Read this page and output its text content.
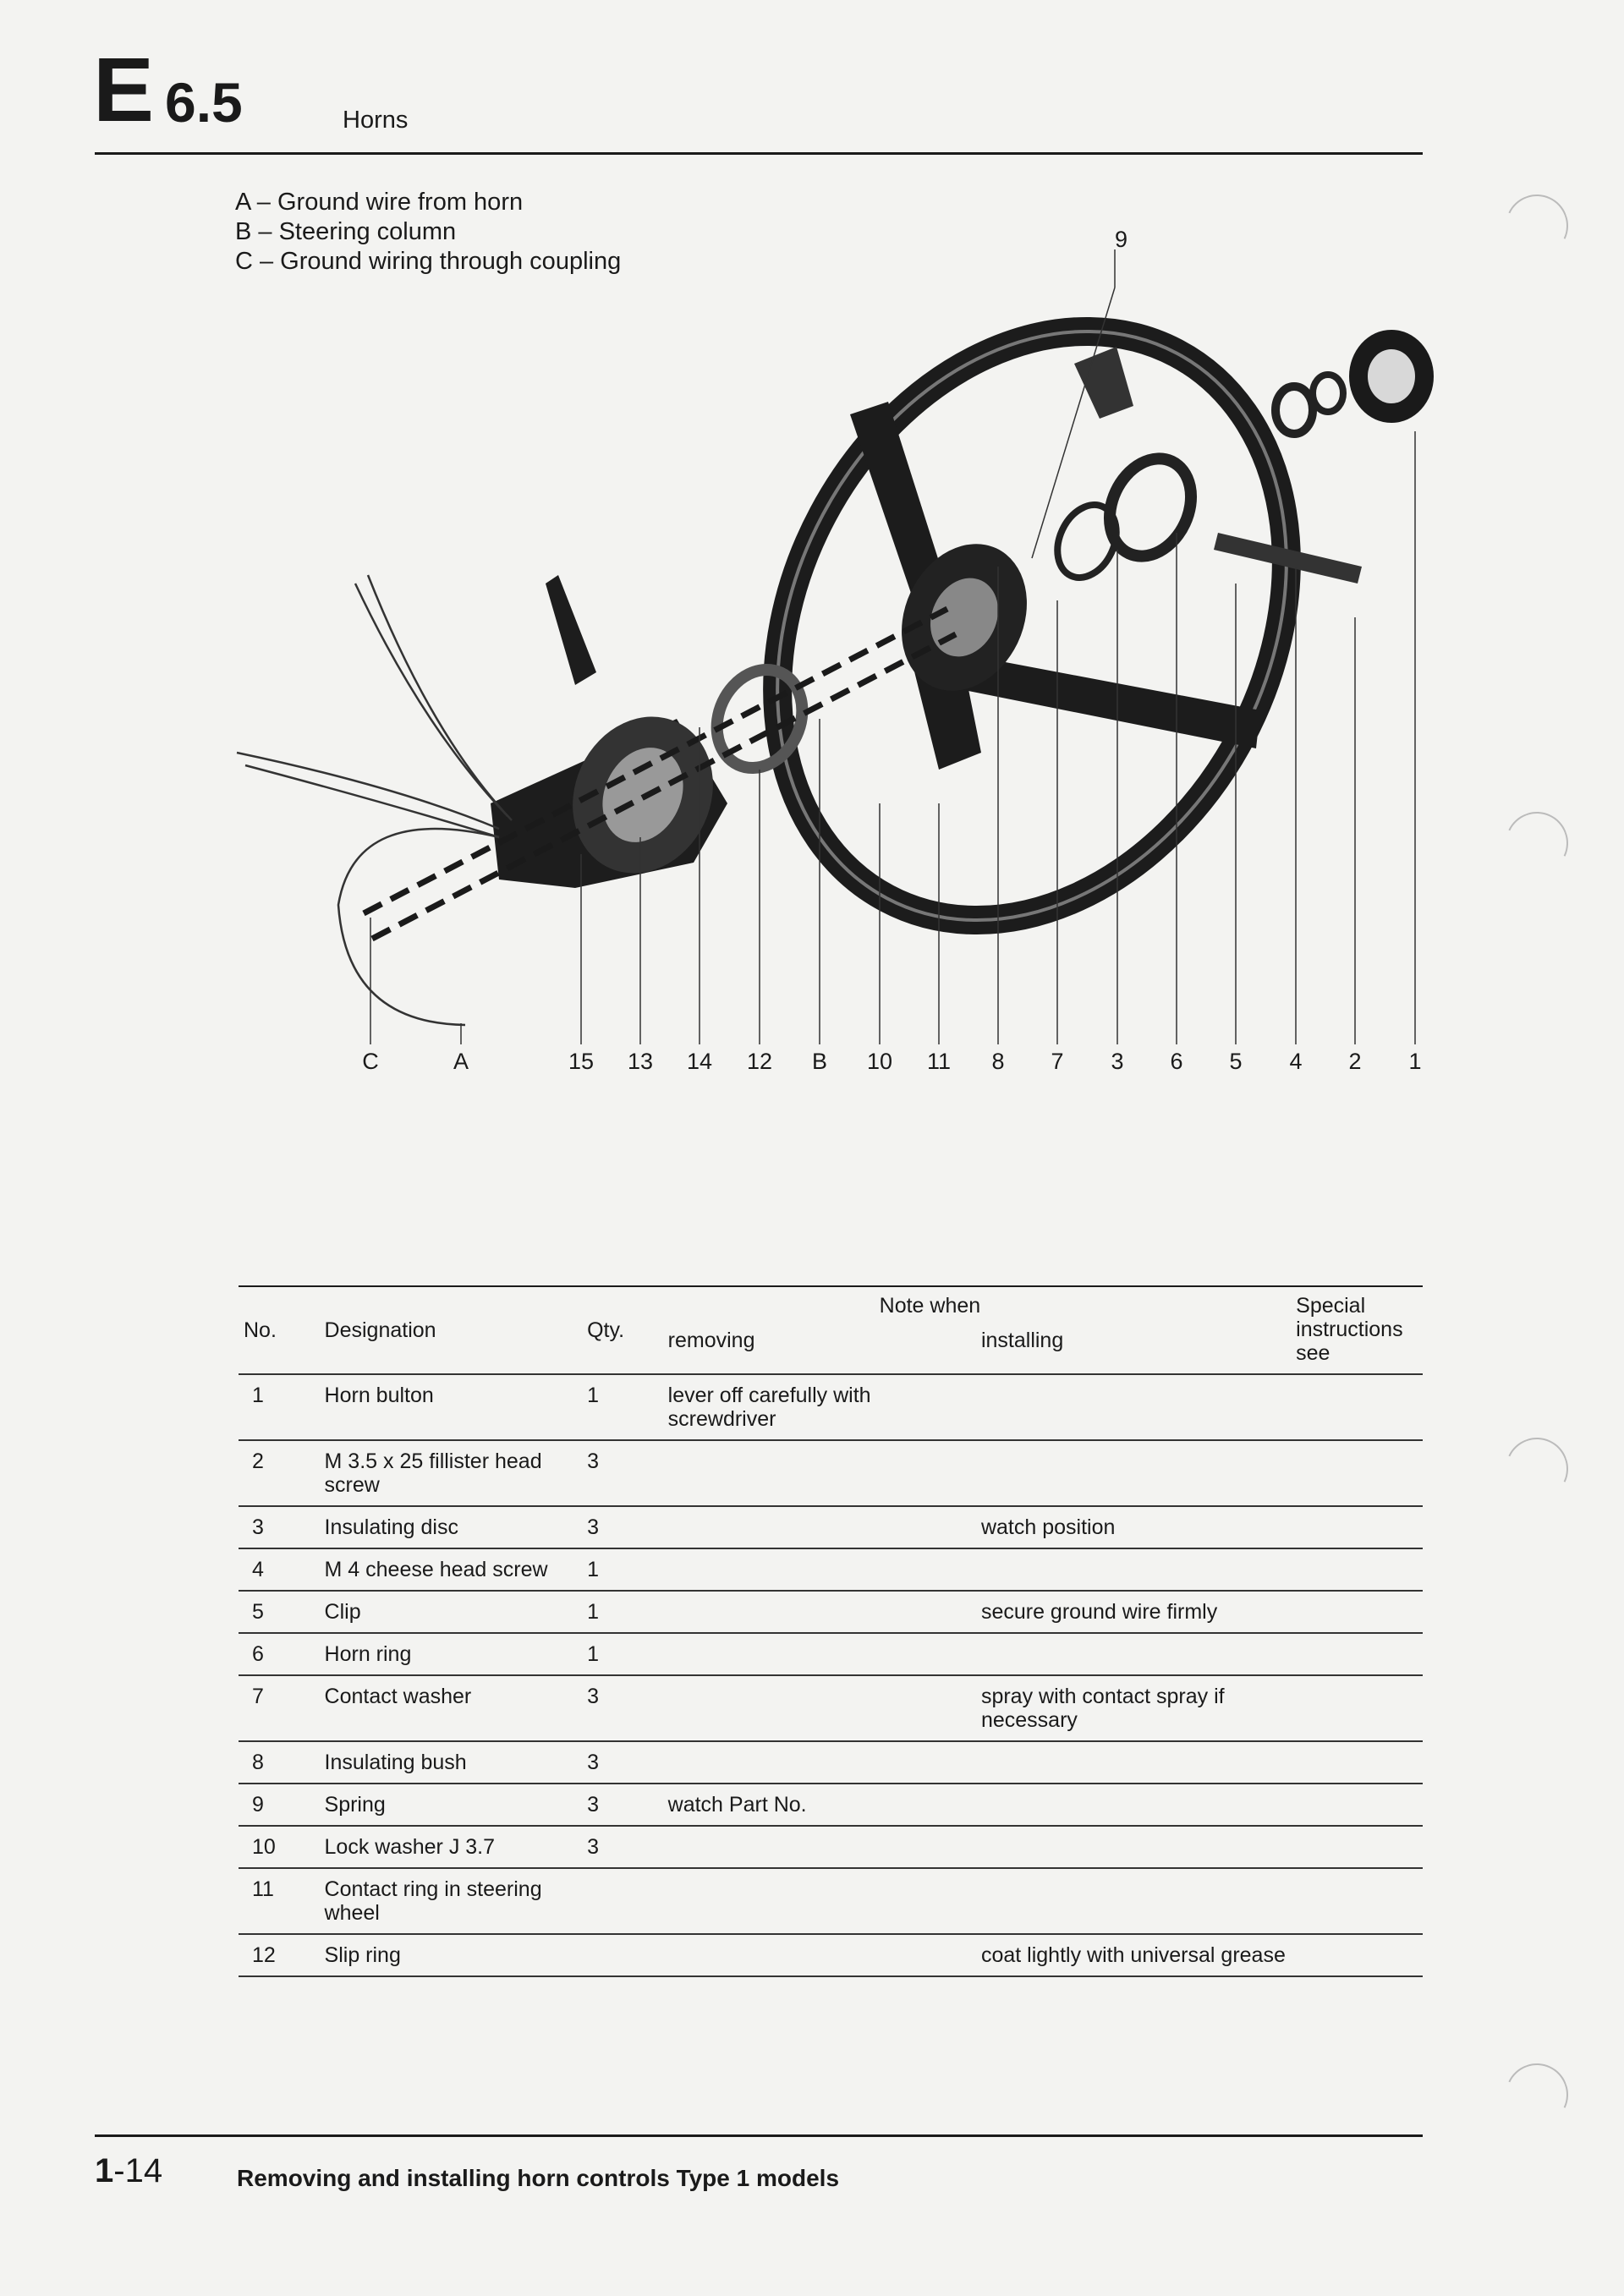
E 6.5	Horns
A – Ground wire from horn
B – Steering column
C – Ground wiring through coupling
9
C	A	15	13	14	12	B	10	11	8	7	3	6	5	4	2	1
No.	Designation	Qty.	Note when		Special instructions see
			removing	installing	
1	Horn bulton	1	lever off carefully with screwdriver		
2	M 3.5 x 25 fillister head screw	3			
3	Insulating disc	3		watch position	
4	M 4 cheese head screw	1			
5	Clip	1		secure ground wire firmly	
6	Horn ring	1			
7	Contact washer	3		spray with contact spray if necessary	
8	Insulating bush	3			
9	Spring	3	watch Part No.		
10	Lock washer J 3.7	3			
11	Contact ring in steering wheel				
12	Slip ring			coat lightly with universal grease	
1-14	Removing and installing horn controls Type 1 models
